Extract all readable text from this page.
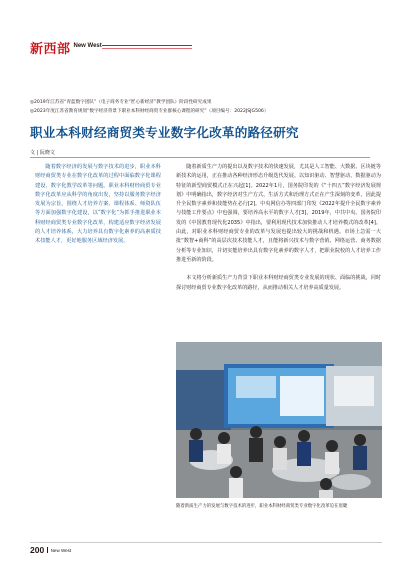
新西部 New West

◎2019年江苏省“青蓝数字团队”（电子商务专业“匠心新经济”教学团队）阶段性研究成果

◎2023年度江苏省教育规划“数字经济背景下职业本科财经商贸专业群核心课程的研究”（项目编号：2022JSJG506）

职业本科财经商贸类专业数字化改革的路径研究
文 | 阮晓文

随着数字经济的发展与数字技术的进步，职业本科财经商贸类专业在数字化改革的过程中面临数字化课程建设、数字化教学改革等问题。职业本科财经商贸专业数字化改革应从科学的角度出发，坚持以服务数字经济发展为宗旨，围绕人才培养方案、课程体系、师资队伍等方面加强数字化建设，以“数字化”为抓手推进职业本科财经商贸类专业数字化改革，构建适应数字经济发展的人才培养体系，大力培养具有数字化素养的高素质技术技能人才，更好地服务区域经济发展。

随着新质生产力的提出以及数字技术的快速发展，尤其是人工智能、大数据、区块链等新技术的运用，正在推动各种经济形态升级迭代发展。以知识驱动、智慧驱动、数据驱动为特征的新型商贸模式正在兴起[1]。2022年1月，国务院印发的《“十四五”数字经济发展规划》中明确指出，数字经济对生产方式、生活方式和治理方式正在产生深刻的变革，因此提升全民数字素养和技能势在必行[2]。中央网信办等四部门印发《2022年提升全民数字素养与技能工作要点》中也强调，要培养高水平的数字人才[3]。2019年，中共中央、国务院印发的《中国教育现代化2035》中指出，要利用现代技术加快推动人才培养模式的改革[4]。由此，对职业本科财经商贸专业的改革与发展也提出较大的挑战和机遇。市场上急需一大批“数智+商科”的高层次技术技能人才，且能将新兴技术与数字营销、网络运营、商务数据分析等专业知识，并切实能培养出具有数字化素养的数字人才，把职业院校的人才培养工作推进至新的阶段。

本文将分析新质生产力背景下职业本科财经商贸类专业发展的现状、面临的挑战，同时探讨财经商贸专业数字化改革的路径，从而推动相关人才培养高质量发展。

随着新质生产力的发展与数字技术的进步，职业本科财经商贸类专业数字化改革迫在眉睫
200 New West
